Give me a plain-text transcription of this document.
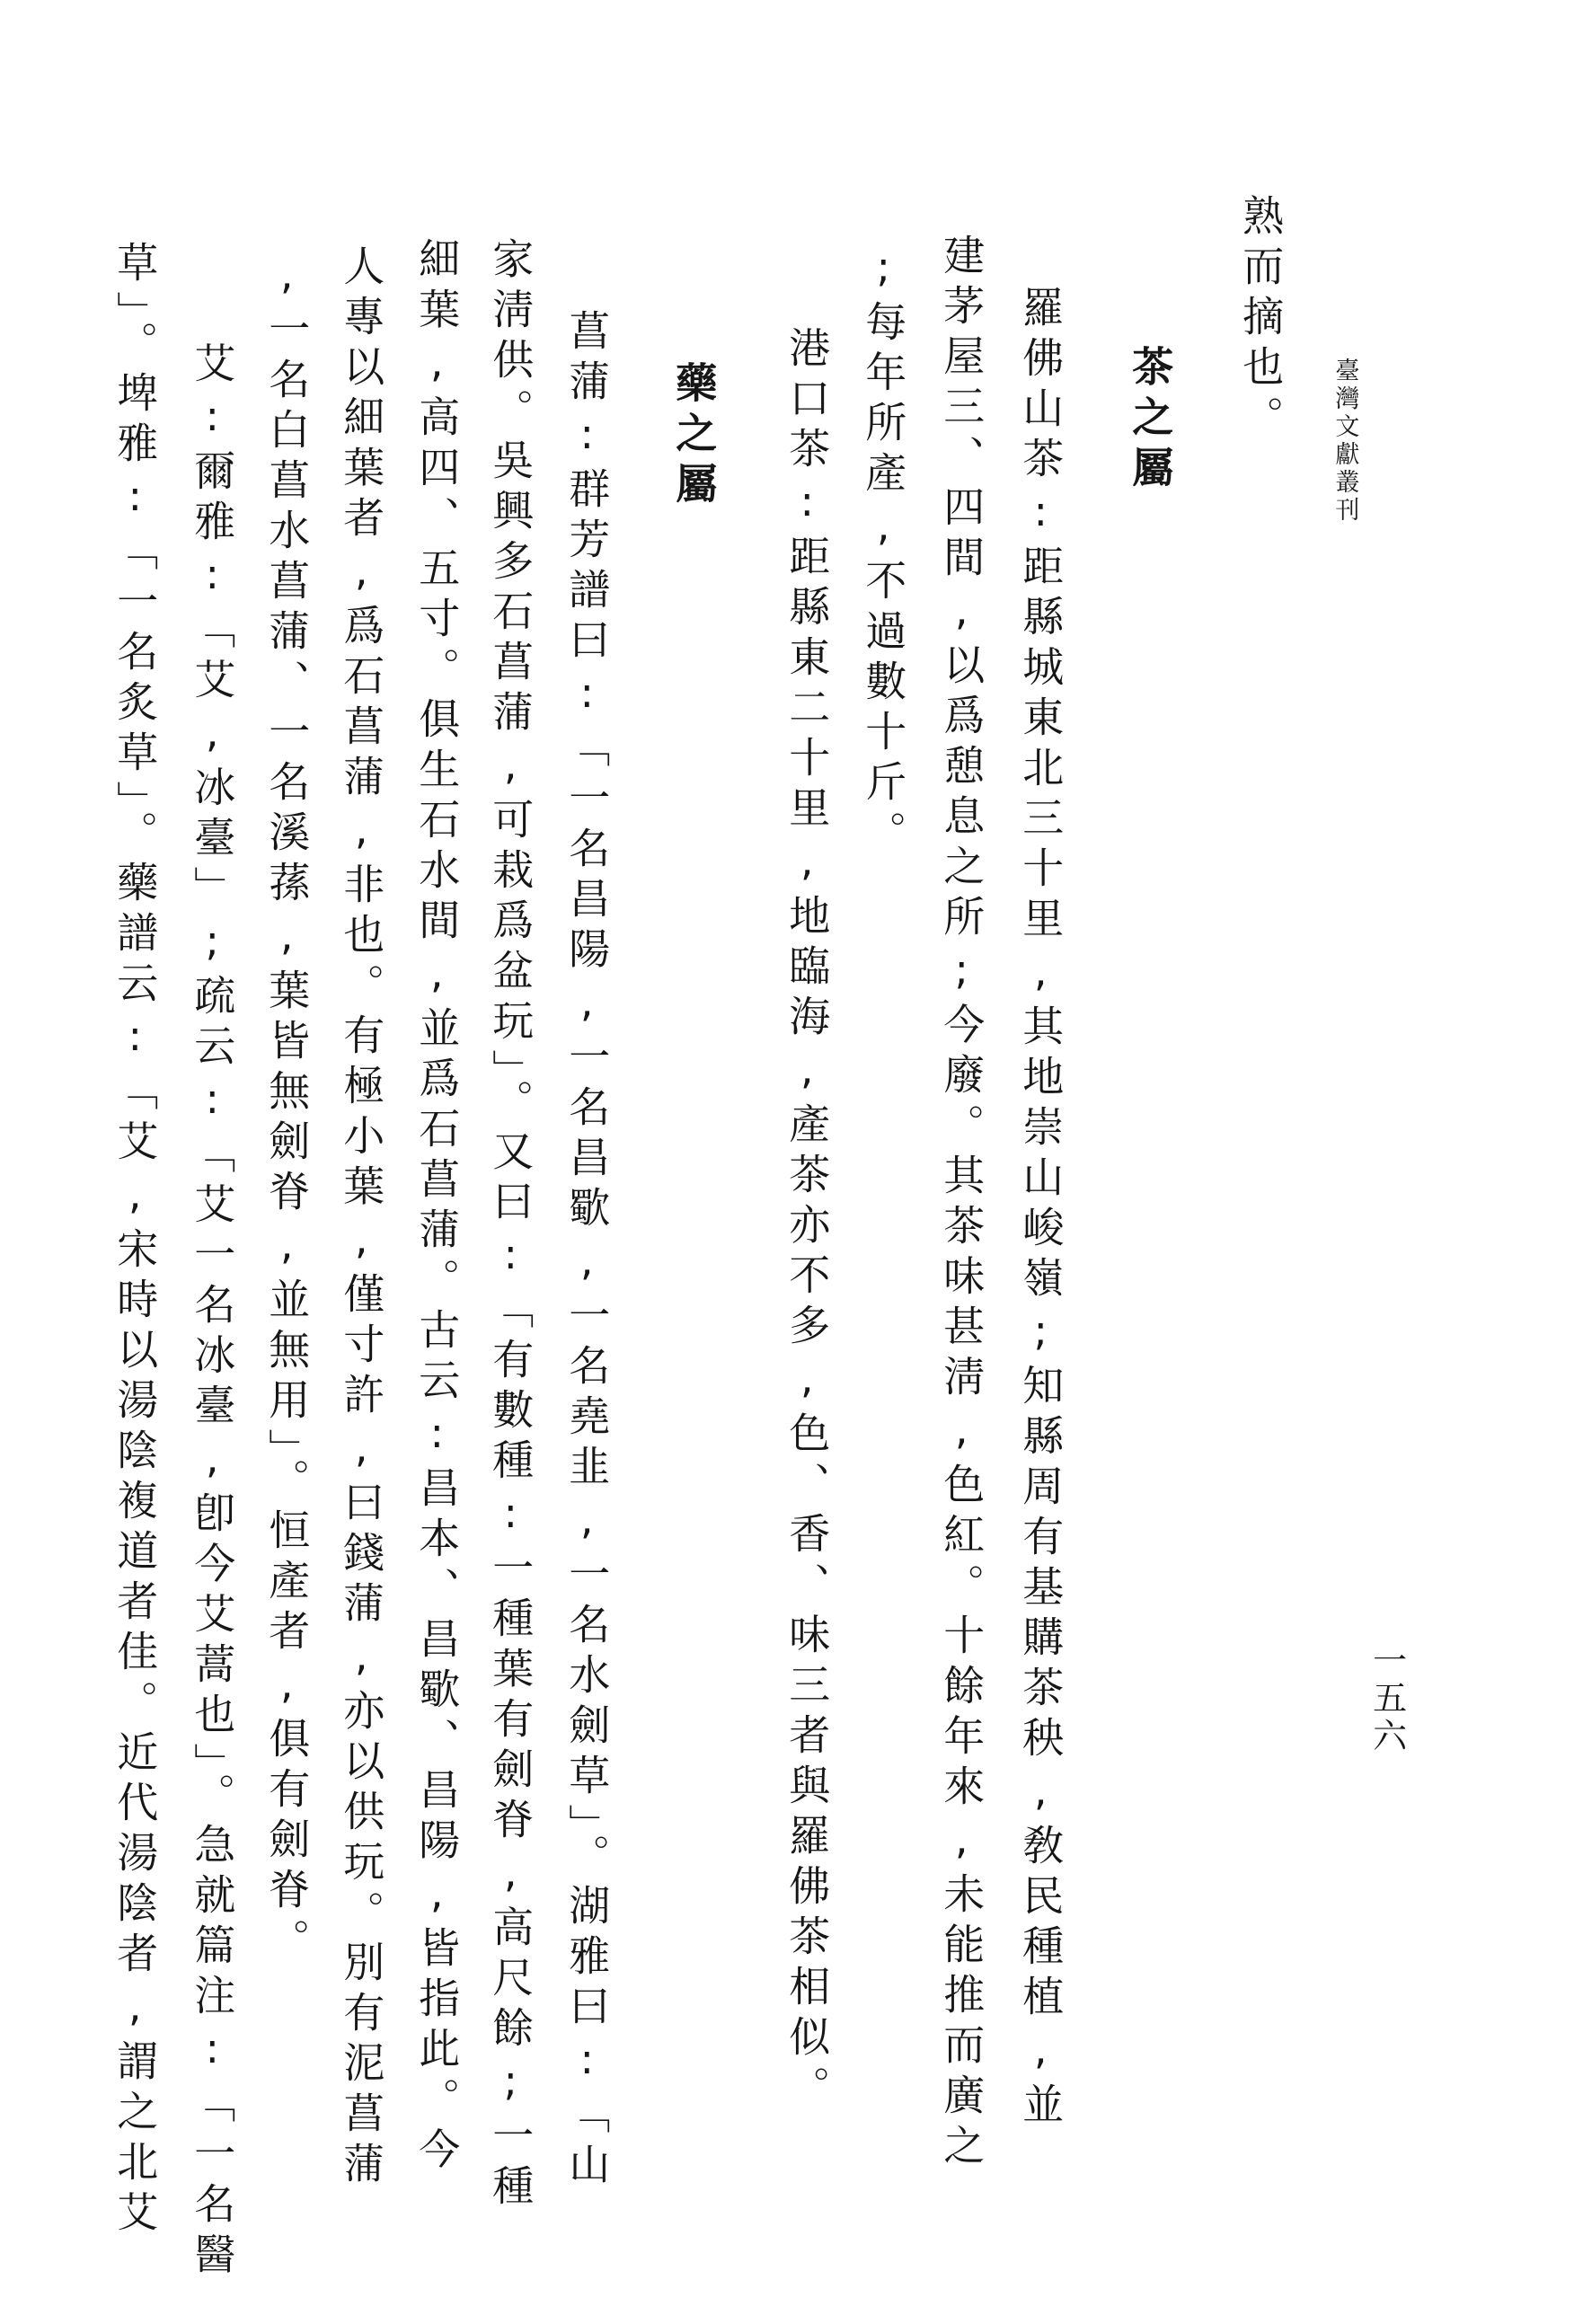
臺灣文獻叢刊
一五六
熟而摘也。
茶之屬
羅佛山茶:距縣城東北三十里,其地崇山峻嶺;知縣周有基購茶秧,敎民種植,並
建茅屋三、四間,以爲憩息之所;今廢。其茶味甚淸,色紅。十餘年來,未能推而廣之
;每年所產,不過數十斤。
港口茶:距縣東二十里,地臨海,產茶亦不多,色、香、味三者與羅佛茶相似。
藥之屬
菖蒲:群芳譜曰:「一名昌陽,一名昌歜,一名堯韭,一名水劍草」。湖雅曰:「山
家淸供。吳興多石菖蒲,可栽爲盆玩」。又曰:「有數種:一種葉有劍脊,高尺餘;一種
細葉,高四、五寸。俱生石水間,並爲石菖蒲。古云:昌本、昌歜、昌陽,皆指此。今
人專以細葉者,爲石菖蒲,非也。有極小葉,僅寸許,曰錢蒲,亦以供玩。別有泥菖蒲
,一名白菖水菖蒲、一名溪蓀,葉皆無劍脊,並無用」。恒產者,俱有劍脊。
艾:爾雅:「艾,冰臺」;疏云:「艾一名冰臺,卽今艾蒿也」。急就篇注:「一名醫
草」。埤雅:「一名炙草」。藥譜云:「艾,宋時以湯陰複道者佳。近代湯陰者,謂之北艾
